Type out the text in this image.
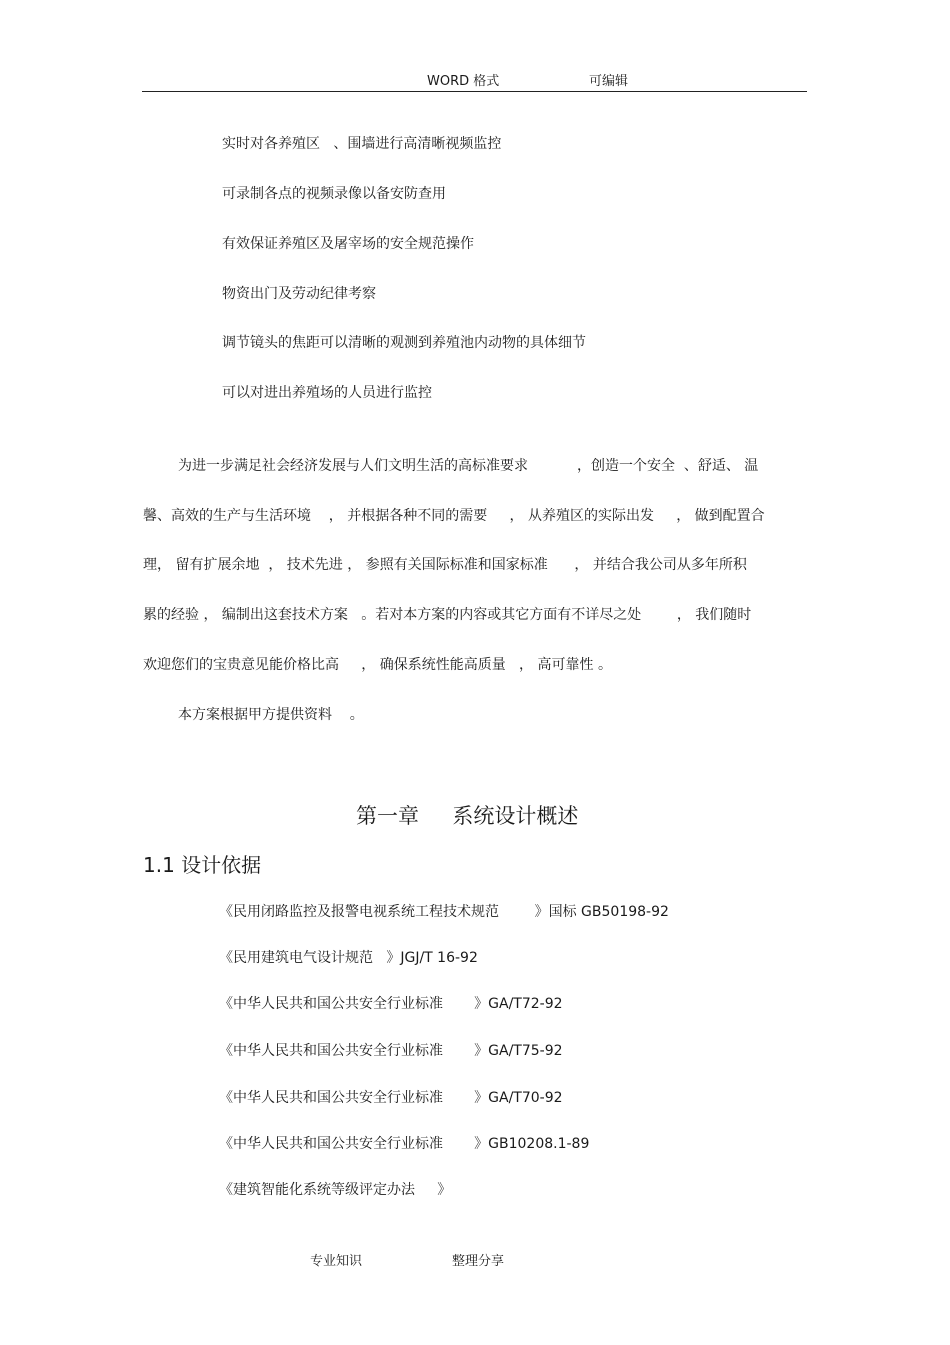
WORD 格式	可编辑
实时对各养殖区   、围墙进行高清晰视频监控
可录制各点的视频录像以备安防查用
有效保证养殖区及屠宰场的安全规范操作
物资出门及劳动纪律考察
调节镜头的焦距可以清晰的观测到养殖池内动物的具体细节
可以对进出养殖场的人员进行监控
为进一步满足社会经济发展与人们文明生活的高标准要求           ，创造一个安全  、舒适、 温
馨、高效的生产与生活环境    ， 并根据各种不同的需要     ， 从养殖区的实际出发     ， 做到配置合
理， 留有扩展余地  ， 技术先进 ， 参照有关国际标准和国家标准      ， 并结合我公司从多年所积
累的经验 ， 编制出这套技术方案   。若对本方案的内容或其它方面有不详尽之处        ， 我们随时
欢迎您们的宝贵意见能价格比高     ， 确保系统性能高质量   ， 高可靠性 。
本方案根据甲方提供资料    。
第一章     系统设计概述
1.1 设计依据
《民用闭路监控及报警电视系统工程技术规范        》国标 GB50198-92
《民用建筑电气设计规范   》JGJ/T 16-92
《中华人民共和国公共安全行业标准       》GA/T72-92
《中华人民共和国公共安全行业标准       》GA/T75-92
《中华人民共和国公共安全行业标准       》GA/T70-92
《中华人民共和国公共安全行业标准       》GB10208.1-89
《建筑智能化系统等级评定办法     》
专业知识	整理分享
